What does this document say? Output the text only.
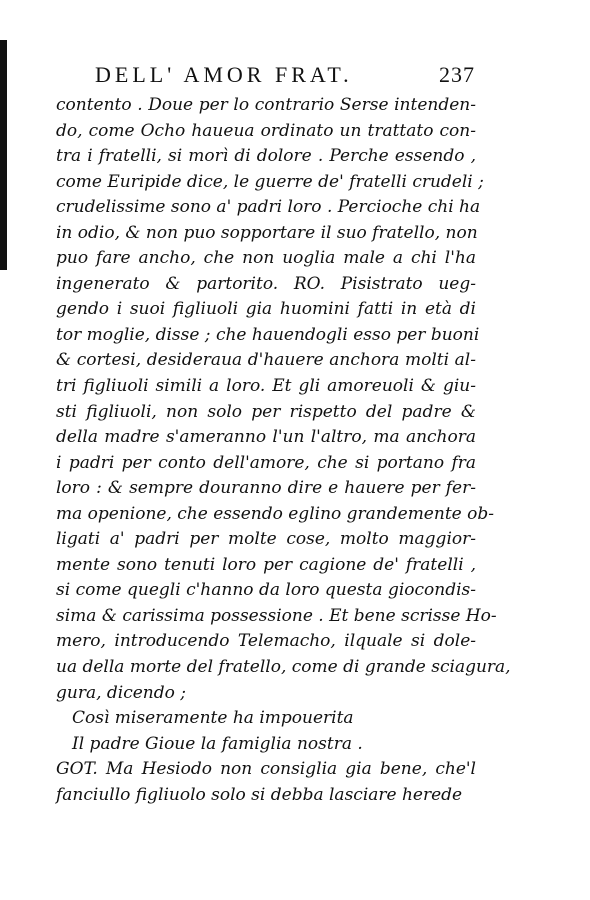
DELL' AMOR FRAT.	237
contento . Doue per lo contrario Serse intenden-
do, come Ocho haueua ordinato un trattato con-
tra i fratelli, si morì di dolore . Perche essendo ,
come Euripide dice, le guerre de' fratelli crudeli ;
crudelissime sono a' padri loro . Percioche chi ha
in odio, & non puo sopportare il suo fratello, non
puo fare ancho, che non uoglia male a chi l'ha
ingenerato & partorito. RO. Pisistrato ueg-
gendo i suoi figliuoli gia huomini fatti in età di
tor moglie, disse ; che hauendogli esso per buoni
& cortesi, desideraua d'hauere anchora molti al-
tri figliuoli simili a loro. Et gli amoreuoli & giu-
sti figliuoli, non solo per rispetto del padre &
della madre s'ameranno l'un l'altro, ma anchora
i padri per conto dell'amore, che si portano fra
loro : & sempre douranno dire e hauere per fer-
ma openione, che essendo eglino grandemente ob-
ligati a' padri per molte cose, molto maggior-
mente sono tenuti loro per cagione de' fratelli ,
si come quegli c'hanno da loro questa giocondis-
sima & carissima possessione . Et bene scrisse Ho-
mero, introducendo Telemacho, ilquale si dole-
ua della morte del fratello, come di grande sciagura,
gura, dicendo ;
Così miseramente ha impouerita
Il padre Gioue la famiglia nostra .
GOT. Ma Hesiodo non consiglia gia bene, che'l
fanciullo figliuolo solo si debba lasciare herede
